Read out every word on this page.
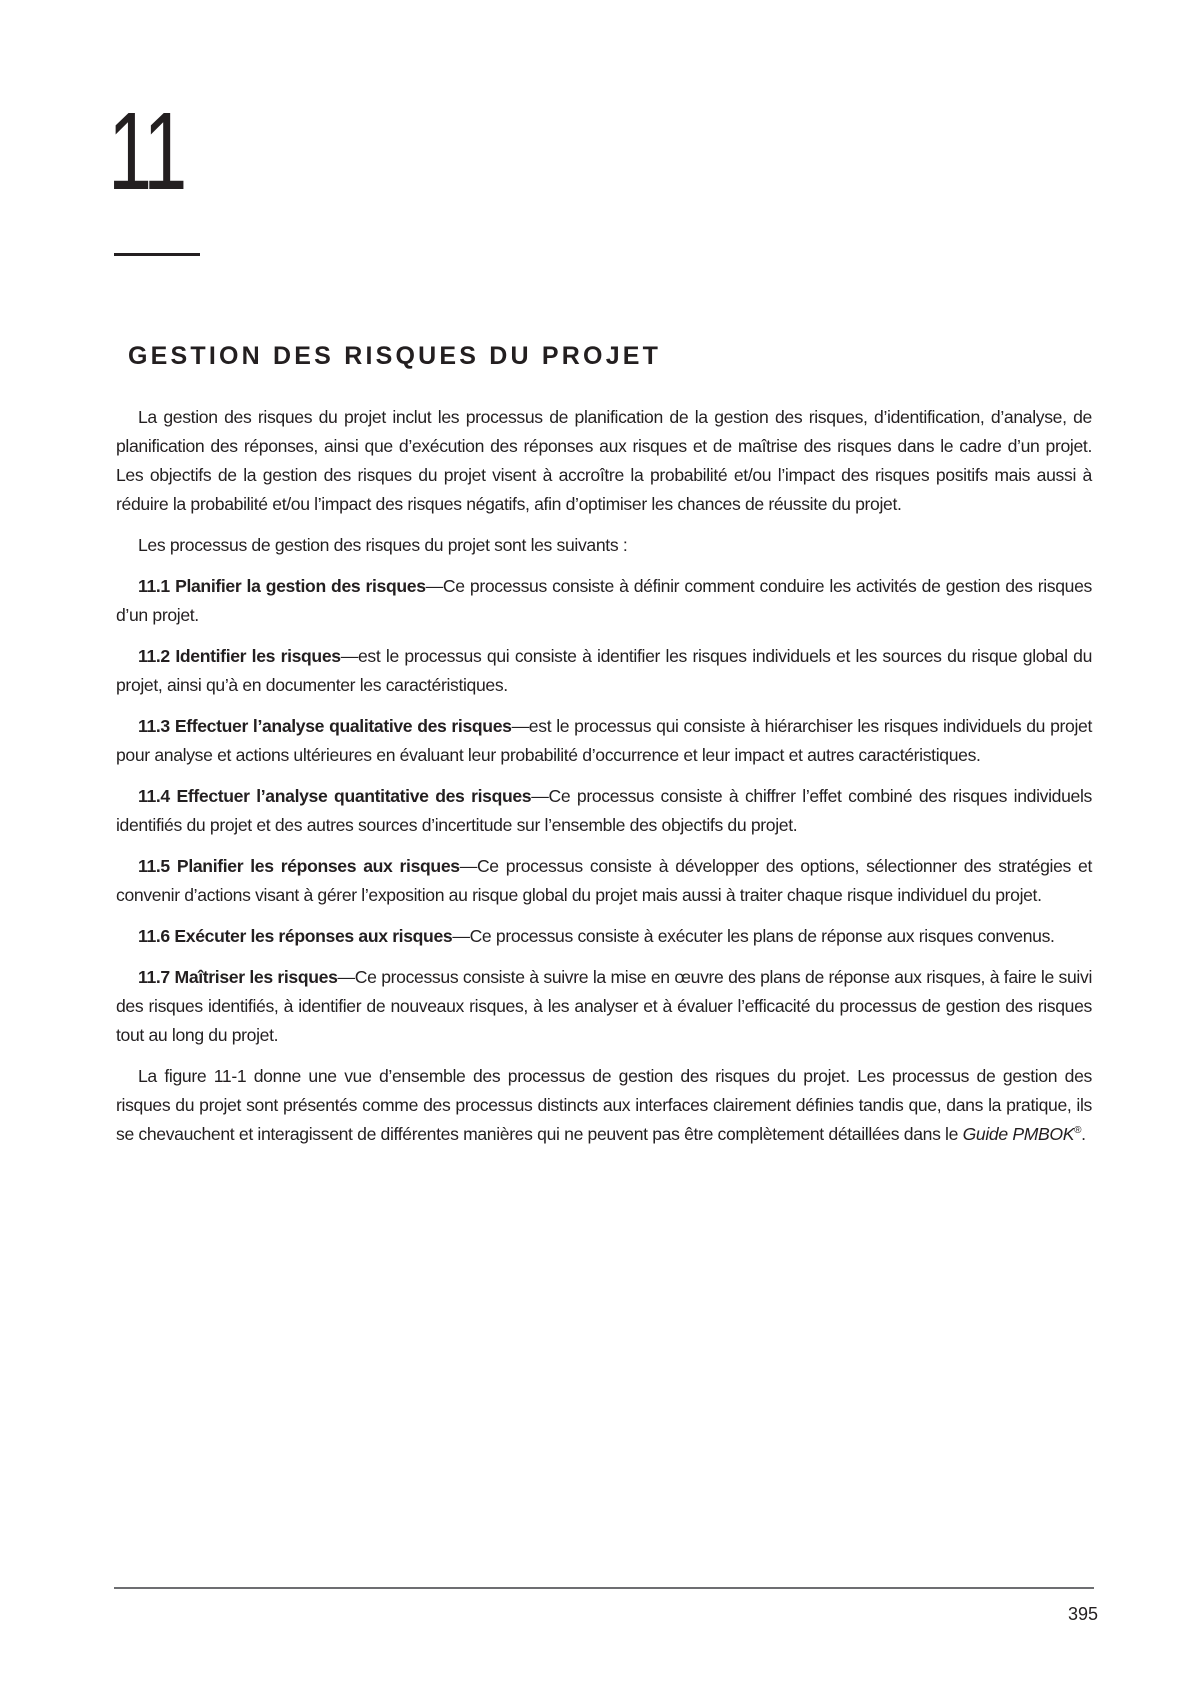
11
GESTION DES RISQUES DU PROJET

La gestion des risques du projet inclut les processus de planification de la gestion des risques, d’identification, d’analyse, de planification des réponses, ainsi que d’exécution des réponses aux risques et de maîtrise des risques dans le cadre d’un projet. Les objectifs de la gestion des risques du projet visent à accroître la probabilité et/ou l’impact des risques positifs mais aussi à réduire la probabilité et/ou l’impact des risques négatifs, afin d’optimiser les chances de réussite du projet.

Les processus de gestion des risques du projet sont les suivants :

11.1 Planifier la gestion des risques—Ce processus consiste à définir comment conduire les activités de gestion des risques d’un projet.

11.2 Identifier les risques—est le processus qui consiste à identifier les risques individuels et les sources du risque global du projet, ainsi qu’à en documenter les caractéristiques.

11.3 Effectuer l’analyse qualitative des risques—est le processus qui consiste à hiérarchiser les risques individuels du projet pour analyse et actions ultérieures en évaluant leur probabilité d’occurrence et leur impact et autres caractéristiques.

11.4 Effectuer l’analyse quantitative des risques—Ce processus consiste à chiffrer l’effet combiné des risques individuels identifiés du projet et des autres sources d’incertitude sur l’ensemble des objectifs du projet.

11.5 Planifier les réponses aux risques—Ce processus consiste à développer des options, sélectionner des stratégies et convenir d’actions visant à gérer l’exposition au risque global du projet mais aussi à traiter chaque risque individuel du projet.

11.6 Exécuter les réponses aux risques—Ce processus consiste à exécuter les plans de réponse aux risques convenus.

11.7 Maîtriser les risques—Ce processus consiste à suivre la mise en œuvre des plans de réponse aux risques, à faire le suivi des risques identifiés, à identifier de nouveaux risques, à les analyser et à évaluer l’efficacité du processus de gestion des risques tout au long du projet.

La figure 11-1 donne une vue d’ensemble des processus de gestion des risques du projet. Les processus de gestion des risques du projet sont présentés comme des processus distincts aux interfaces clairement définies tandis que, dans la pratique, ils se chevauchent et interagissent de différentes manières qui ne peuvent pas être complètement détaillées dans le Guide PMBOK®.

395
